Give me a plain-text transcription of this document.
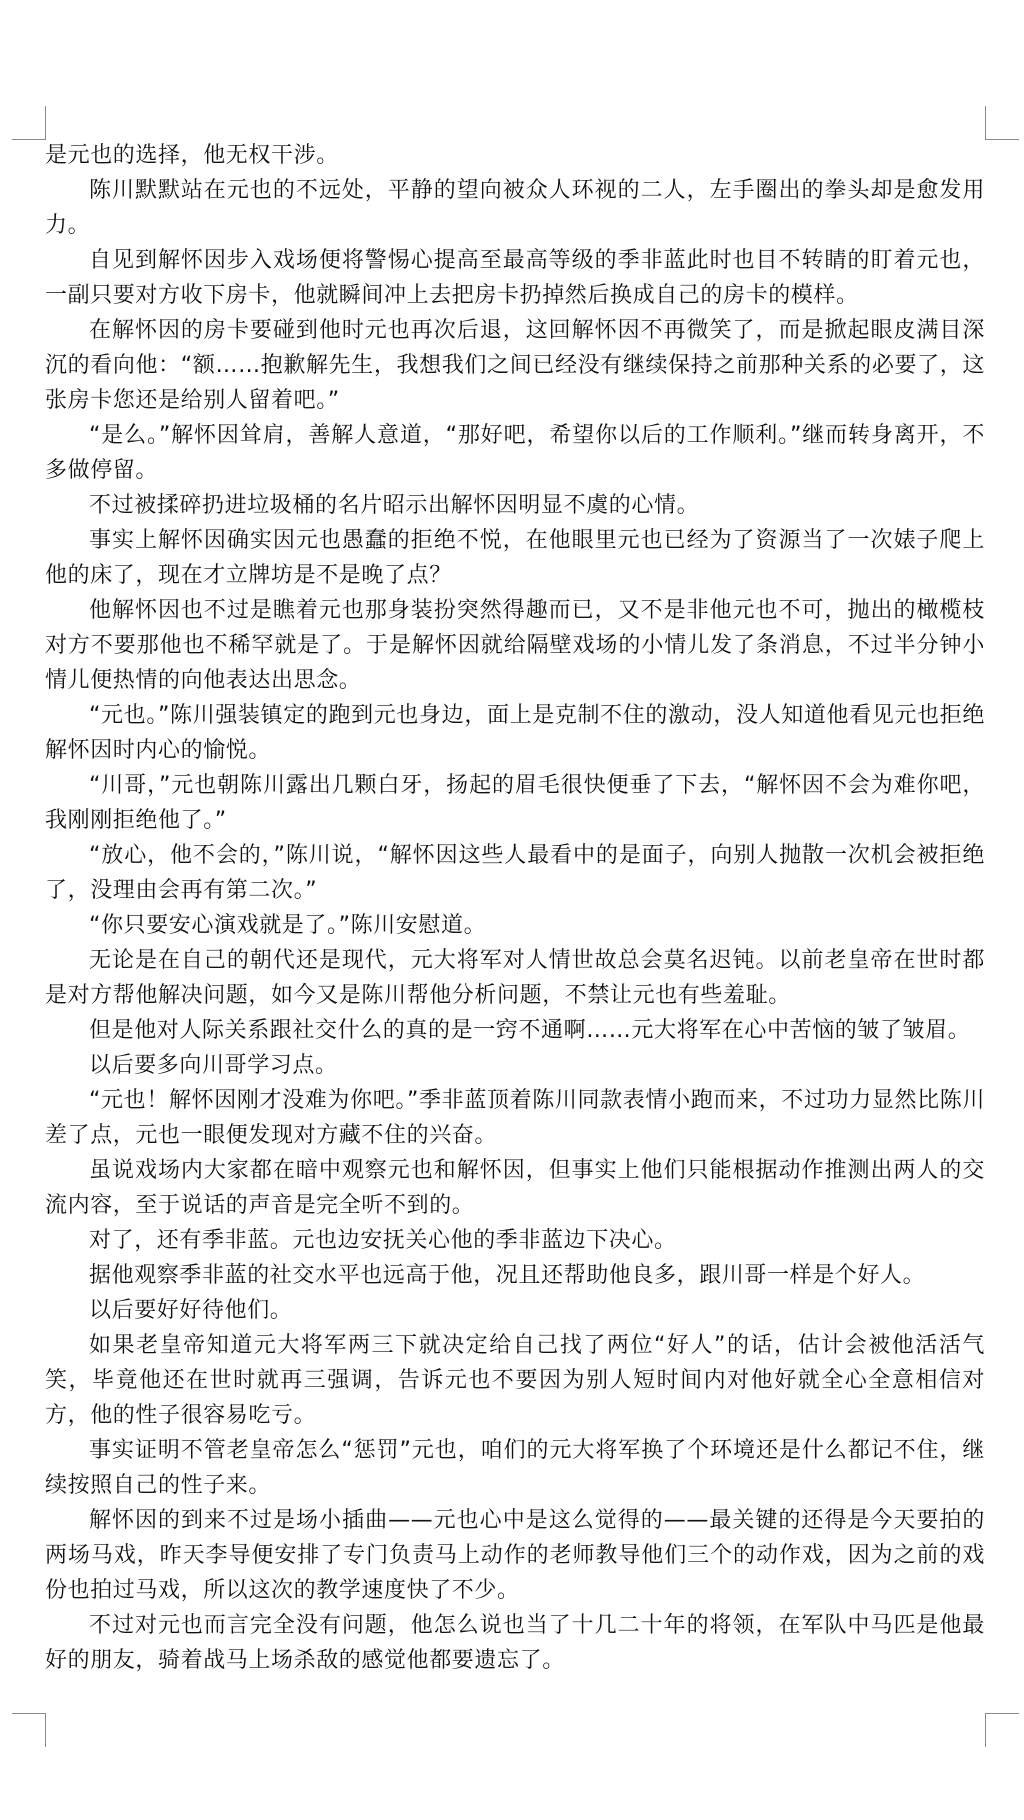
是元也的选择，他无权干涉。

陈川默默站在元也的不远处，平静的望向被众人环视的二人，左手圈出的拳头却是愈发用力。

自见到解怀因步入戏场便将警惕心提高至最高等级的季非蓝此时也目不转睛的盯着元也，一副只要对方收下房卡，他就瞬间冲上去把房卡扔掉然后换成自己的房卡的模样。

在解怀因的房卡要碰到他时元也再次后退，这回解怀因不再微笑了，而是掀起眼皮满目深沉的看向他：“额……抱歉解先生，我想我们之间已经没有继续保持之前那种关系的必要了，这张房卡您还是给别人留着吧。”

“是么。”解怀因耸肩，善解人意道，“那好吧，希望你以后的工作顺利。”继而转身离开，不多做停留。

不过被揉碎扔进垃圾桶的名片昭示出解怀因明显不虞的心情。

事实上解怀因确实因元也愚蠢的拒绝不悦，在他眼里元也已经为了资源当了一次婊子爬上他的床了，现在才立牌坊是不是晚了点？

他解怀因也不过是瞧着元也那身装扮突然得趣而已，又不是非他元也不可，抛出的橄榄枝对方不要那他也不稀罕就是了。于是解怀因就给隔壁戏场的小情儿发了条消息，不过半分钟小情儿便热情的向他表达出思念。

“元也。”陈川强装镇定的跑到元也身边，面上是克制不住的激动，没人知道他看见元也拒绝解怀因时内心的愉悦。

“川哥，”元也朝陈川露出几颗白牙，扬起的眉毛很快便垂了下去，“解怀因不会为难你吧，我刚刚拒绝他了。”

“放心，他不会的，”陈川说，“解怀因这些人最看中的是面子，向别人抛散一次机会被拒绝了，没理由会再有第二次。”

“你只要安心演戏就是了。”陈川安慰道。

无论是在自己的朝代还是现代，元大将军对人情世故总会莫名迟钝。以前老皇帝在世时都是对方帮他解决问题，如今又是陈川帮他分析问题，不禁让元也有些羞耻。

但是他对人际关系跟社交什么的真的是一窍不通啊……元大将军在心中苦恼的皱了皱眉。

以后要多向川哥学习点。

“元也！解怀因刚才没难为你吧。”季非蓝顶着陈川同款表情小跑而来，不过功力显然比陈川差了点，元也一眼便发现对方藏不住的兴奋。

虽说戏场内大家都在暗中观察元也和解怀因，但事实上他们只能根据动作推测出两人的交流内容，至于说话的声音是完全听不到的。

对了，还有季非蓝。元也边安抚关心他的季非蓝边下决心。

据他观察季非蓝的社交水平也远高于他，况且还帮助他良多，跟川哥一样是个好人。

以后要好好待他们。

如果老皇帝知道元大将军两三下就决定给自己找了两位“好人”的话，估计会被他活活气笑，毕竟他还在世时就再三强调，告诉元也不要因为别人短时间内对他好就全心全意相信对方，他的性子很容易吃亏。

事实证明不管老皇帝怎么“惩罚”元也，咱们的元大将军换了个环境还是什么都记不住，继续按照自己的性子来。

解怀因的到来不过是场小插曲——元也心中是这么觉得的——最关键的还得是今天要拍的两场马戏，昨天李导便安排了专门负责马上动作的老师教导他们三个的动作戏，因为之前的戏份也拍过马戏，所以这次的教学速度快了不少。

不过对元也而言完全没有问题，他怎么说也当了十几二十年的将领，在军队中马匹是他最好的朋友，骑着战马上场杀敌的感觉他都要遗忘了。
